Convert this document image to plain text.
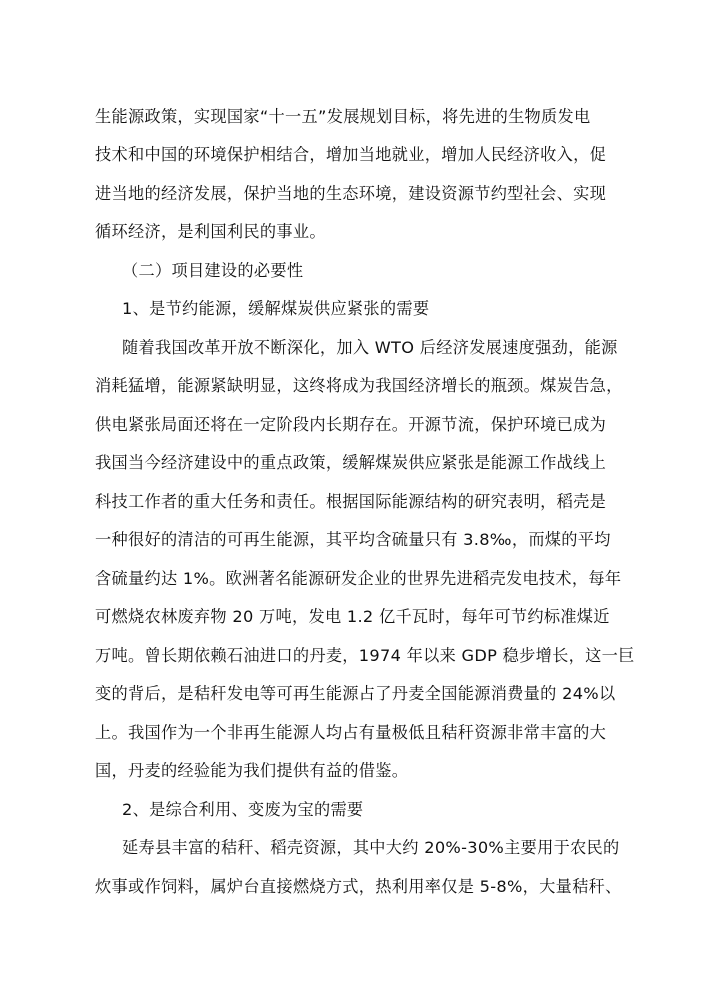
生能源政策，实现国家“十一五”发展规划目标，将先进的生物质发电
技术和中国的环境保护相结合，增加当地就业，增加人民经济收入，促
进当地的经济发展，保护当地的生态环境，建设资源节约型社会、实现
循环经济，是利国利民的事业。
（二）项目建设的必要性
1、是节约能源，缓解煤炭供应紧张的需要
随着我国改革开放不断深化，加入 WTO 后经济发展速度强劲，能源
消耗猛增，能源紧缺明显，这终将成为我国经济增长的瓶颈。煤炭告急，
供电紧张局面还将在一定阶段内长期存在。开源节流，保护环境已成为
我国当今经济建设中的重点政策，缓解煤炭供应紧张是能源工作战线上
科技工作者的重大任务和责任。根据国际能源结构的研究表明，稻壳是
一种很好的清洁的可再生能源，其平均含硫量只有 3.8‰，而煤的平均
含硫量约达 1%。欧洲著名能源研发企业的世界先进稻壳发电技术，每年
可燃烧农林废弃物 20 万吨，发电 1.2 亿千瓦时，每年可节约标准煤近
万吨。曾长期依赖石油进口的丹麦，1974 年以来 GDP 稳步增长，这一巨
变的背后，是秸秆发电等可再生能源占了丹麦全国能源消费量的 24%以
上。我国作为一个非再生能源人均占有量极低且秸秆资源非常丰富的大
国，丹麦的经验能为我们提供有益的借鉴。
2、是综合利用、变废为宝的需要
延寿县丰富的秸秆、稻壳资源，其中大约 20%-30%主要用于农民的
炊事或作饲料，属炉台直接燃烧方式，热利用率仅是 5-8%，大量秸秆、
